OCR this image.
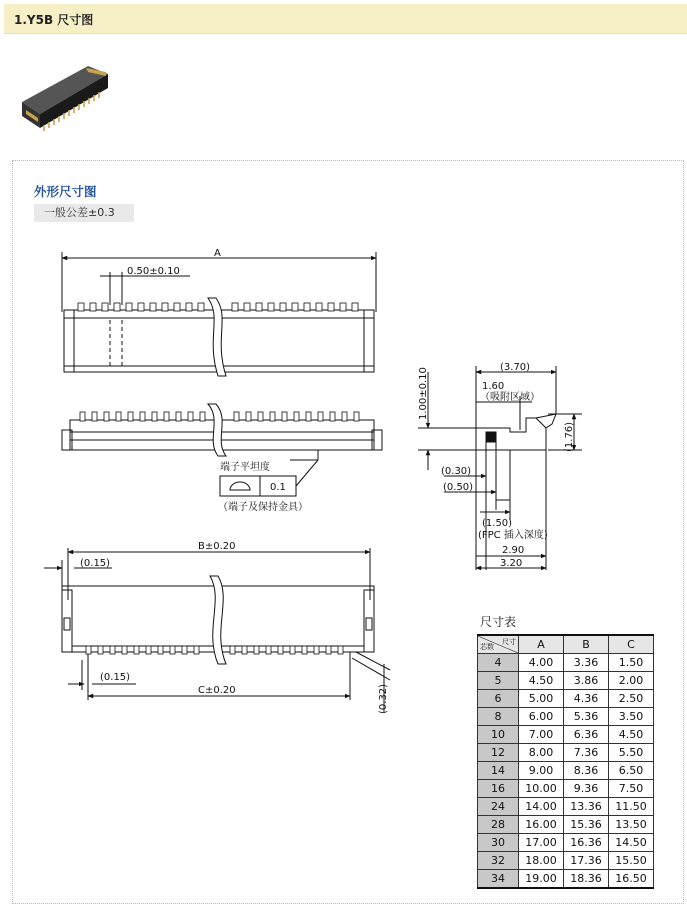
1.Y5B 尺寸图
外形尺寸图
一般公差±0.3
A
0.50±0.10
端子平坦度
0.1
（端子及保持金具）
B±0.20
(0.15)
C±0.20
(0.15)
(0.32)
(3.70)
1.60
（吸附区域）
1.00±0.10
(1.76)
(0.30)
(0.50)
(1.50)
(FPC 插入深度)
2.90
3.20
尺寸表
尺寸
芯数	A	B	C
4	4.00	3.36	1.50
5	4.50	3.86	2.00
6	5.00	4.36	2.50
8	6.00	5.36	3.50
10	7.00	6.36	4.50
12	8.00	7.36	5.50
14	9.00	8.36	6.50
16	10.00	9.36	7.50
24	14.00	13.36	11.50
28	16.00	15.36	13.50
30	17.00	16.36	14.50
32	18.00	17.36	15.50
34	19.00	18.36	16.50
